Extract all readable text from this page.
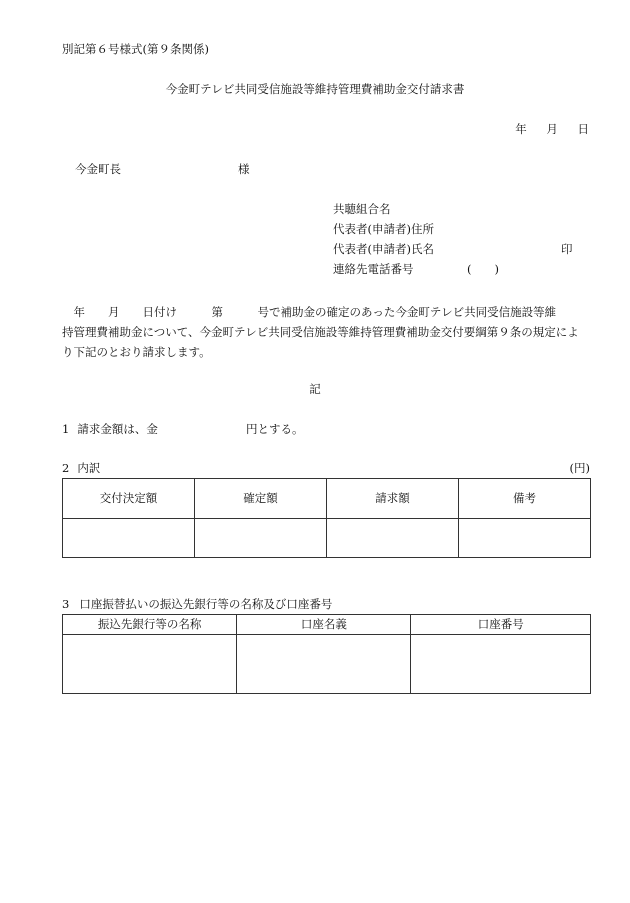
別記第６号様式(第９条関係)
今金町テレビ共同受信施設等維持管理費補助金交付請求書
年 月 日
今金町長	様
共聴組合名
代表者(申請者)住所
代表者(申請者)氏名	印
連絡先電話番号	(　　)

　年　　月　　日付け　　　第　　　号で補助金の確定のあった今金町テレビ共同受信施設等維

持管理費補助金について、今金町テレビ共同受信施設等維持管理費補助金交付要綱第９条の規定によ

り下記のとおり請求します。

記
1 請求金額は、金	円とする。
2 内訳	(円)
交付決定額	確定額	請求額	備考

3 口座振替払いの振込先銀行等の名称及び口座番号
振込先銀行等の名称	口座名義	口座番号
